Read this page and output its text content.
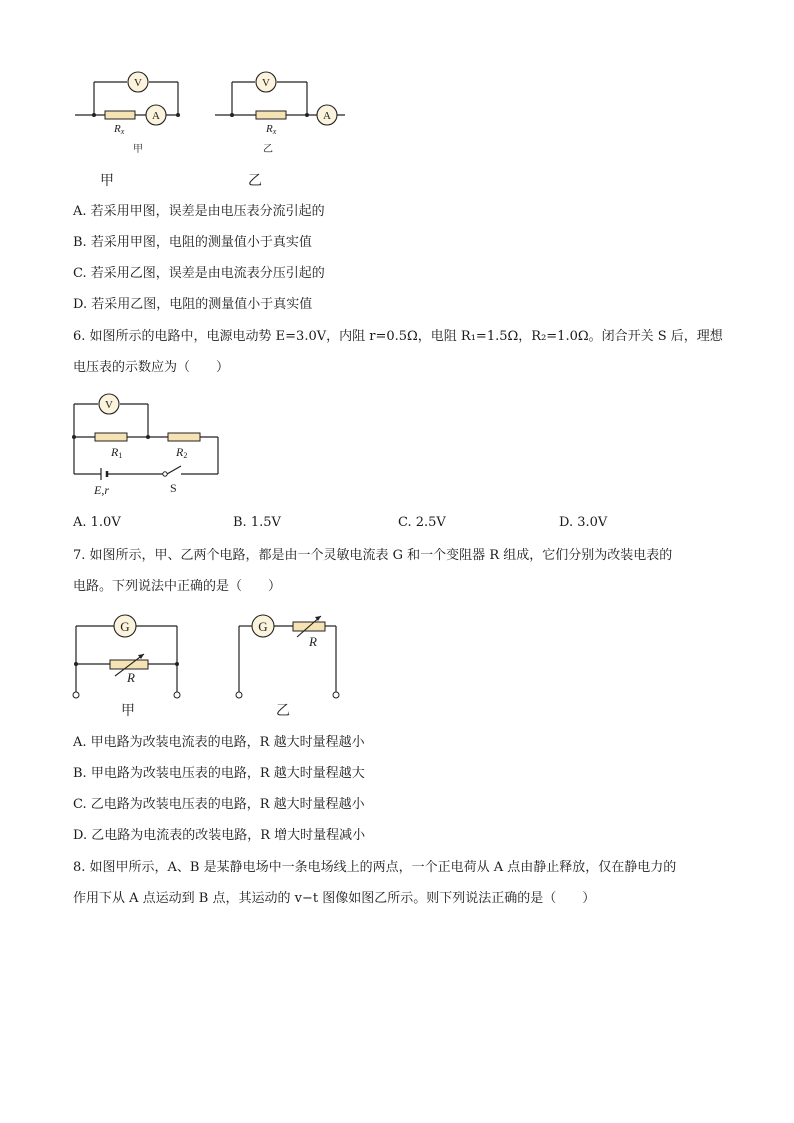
V
A
V
A
Rx	Rx
甲	乙
甲	乙
A. 若采用甲图，误差是由电压表分流引起的
B. 若采用甲图，电阻的测量值小于真实值
C. 若采用乙图，误差是由电流表分压引起的
D. 若采用乙图，电阻的测量值小于真实值
6. 如图所示的电路中，电源电动势 E=3.0V，内阻 r=0.5Ω，电阻 R₁=1.5Ω，R₂=1.0Ω。闭合开关 S 后，理想
电压表的示数应为（　　）
V
R1	R2
E,r	S
A. 1.0V	B. 1.5V	C. 2.5V	D. 3.0V
7. 如图所示，甲、乙两个电路，都是由一个灵敏电流表 G 和一个变阻器 R 组成，它们分别为改装电表的
电路。下列说法中正确的是（　　）
G	G
R
R
甲	乙
A. 甲电路为改装电流表的电路，R 越大时量程越小
B. 甲电路为改装电压表的电路，R 越大时量程越大
C. 乙电路为改装电压表的电路，R 越大时量程越小
D. 乙电路为电流表的改装电路，R 增大时量程减小
8. 如图甲所示，A、B 是某静电场中一条电场线上的两点，一个正电荷从 A 点由静止释放，仅在静电力的
作用下从 A 点运动到 B 点，其运动的 v−t 图像如图乙所示。则下列说法正确的是（　　）
